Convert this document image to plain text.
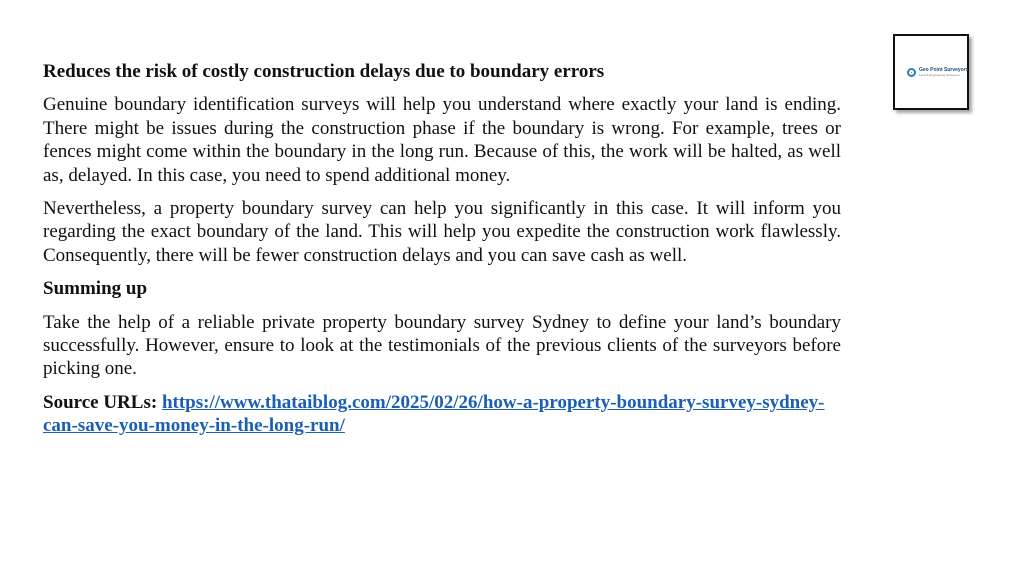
Reduces the risk of costly construction delays due to boundary errors

Genuine boundary identification surveys will help you understand where exactly your land is ending. There might be issues during the construction phase if the boundary is wrong. For example, trees or fences might come within the boundary in the long run. Because of this, the work will be halted, as well as, delayed. In this case, you need to spend additional money.

Nevertheless, a property boundary survey can help you significantly in this case. It will inform you regarding the exact boundary of the land. This will help you expedite the construction work flawlessly. Consequently, there will be fewer construction delays and you can save cash as well.

Summing up

Take the help of a reliable private property boundary survey Sydney to define your land’s boundary successfully. However, ensure to look at the testimonials of the previous clients of the surveyors before picking one.

Source URLs: https://www.thataiblog.com/2025/02/26/how-a-property-boundary-survey-sydney-can-save-you-money-in-the-long-run/

Geo Point Surveyors
Land & Engineering Surveyors
